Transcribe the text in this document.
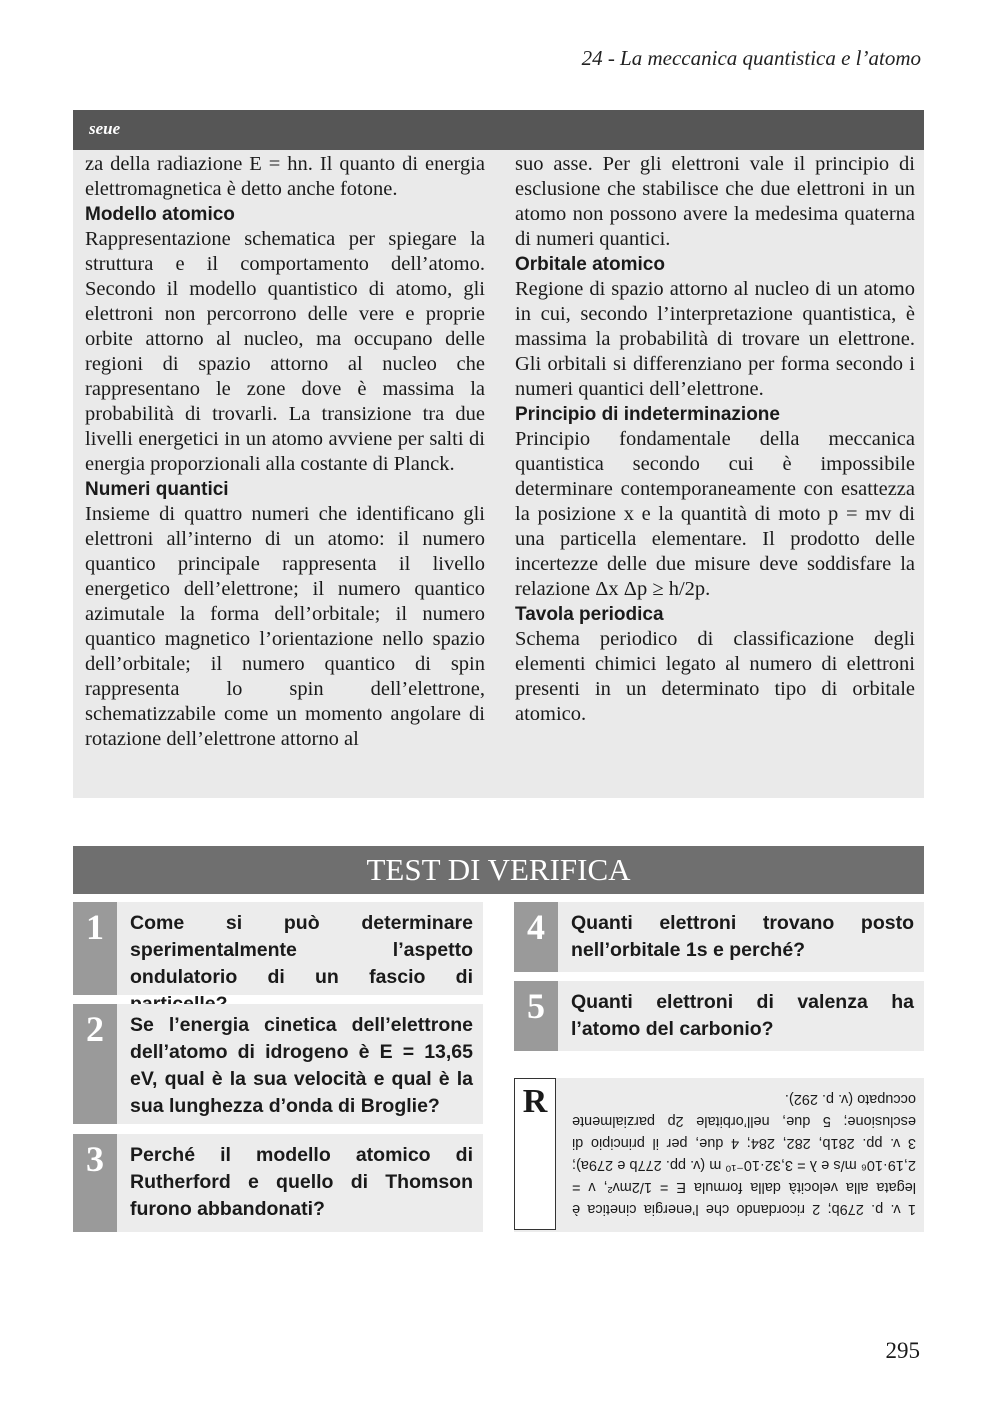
24 - La meccanica quantistica e l’atomo
seue

za della radiazione E = hn. Il quanto di energia elettromagnetica è detto anche fotone.

Modello atomico

Rappresentazione schematica per spiegare la struttura e il comportamento dell’atomo. Secondo il modello quantistico di atomo, gli elettroni non percorrono delle vere e proprie orbite attorno al nucleo, ma occupano delle regioni di spazio attorno al nucleo che rappresentano le zone dove è massima la probabilità di trovarli. La transizione tra due livelli energetici in un atomo avviene per salti di energia proporzionali alla costante di Planck.

Numeri quantici

Insieme di quattro numeri che identificano gli elettroni all’interno di un atomo: il numero quantico principale rappresenta il livello energetico dell’elettrone; il numero quantico azimutale la forma dell’orbitale; il numero quantico magnetico l’orientazione nello spazio dell’orbitale; il numero quantico di spin rappresenta lo spin dell’elettrone, schematizzabile come un momento angolare di rotazione dell’elettrone attorno al

suo asse. Per gli elettroni vale il principio di esclusione che stabilisce che due elettroni in un atomo non possono avere la medesima quaterna di numeri quantici.

Orbitale atomico

Regione di spazio attorno al nucleo di un atomo in cui, secondo l’interpretazione quantistica, è massima la probabilità di trovare un elettrone. Gli orbitali si differenziano per forma secondo i numeri quantici dell’elettrone.

Principio di indeterminazione

Principio fondamentale della meccanica quantistica secondo cui è impossibile determinare contemporaneamente con esattezza la posizione x e la quantità di moto p = mv di una particella elementare. Il prodotto delle incertezze delle due misure deve soddisfare la relazione Δx Δp ≥ h/2p.

Tavola periodica

Schema periodico di classificazione degli elementi chimici legato al numero di elettroni presenti in un determinato tipo di orbitale atomico.

TEST DI VERIFICA
1	Come si può determinare sperimentalmente l’aspetto ondulatorio di un fascio di
2	Se l’energia cinetica dell’elettrone dell’atomo di idrogeno è E = 13,65 eV, qual è la sua velocità e qual è la sua lunghezza d’onda di Broglie?
3	Perché il modello atomico di Rutherford e quello di Thomson furono abbandonati?
4	Quanti elettroni trovano posto nell’orbitale 1s e perché?
5	Quanti elettroni di valenza ha l’atomo del carbonio?
R
1 v. p. 279b; 2 ricordando che l’energia cinetica è legata alla velocità dalla formula E = 1/2mv², v = 2,19·10⁶ m/s e λ = 3,32·10⁻¹⁰ m (v. pp. 277b e 279a); 3 v. pp. 281b, 282, 284; 4 due, per il principio di esclusione; 5 due, nell’orbitale 2p parzialmente occupato (v. p. 292).
295
